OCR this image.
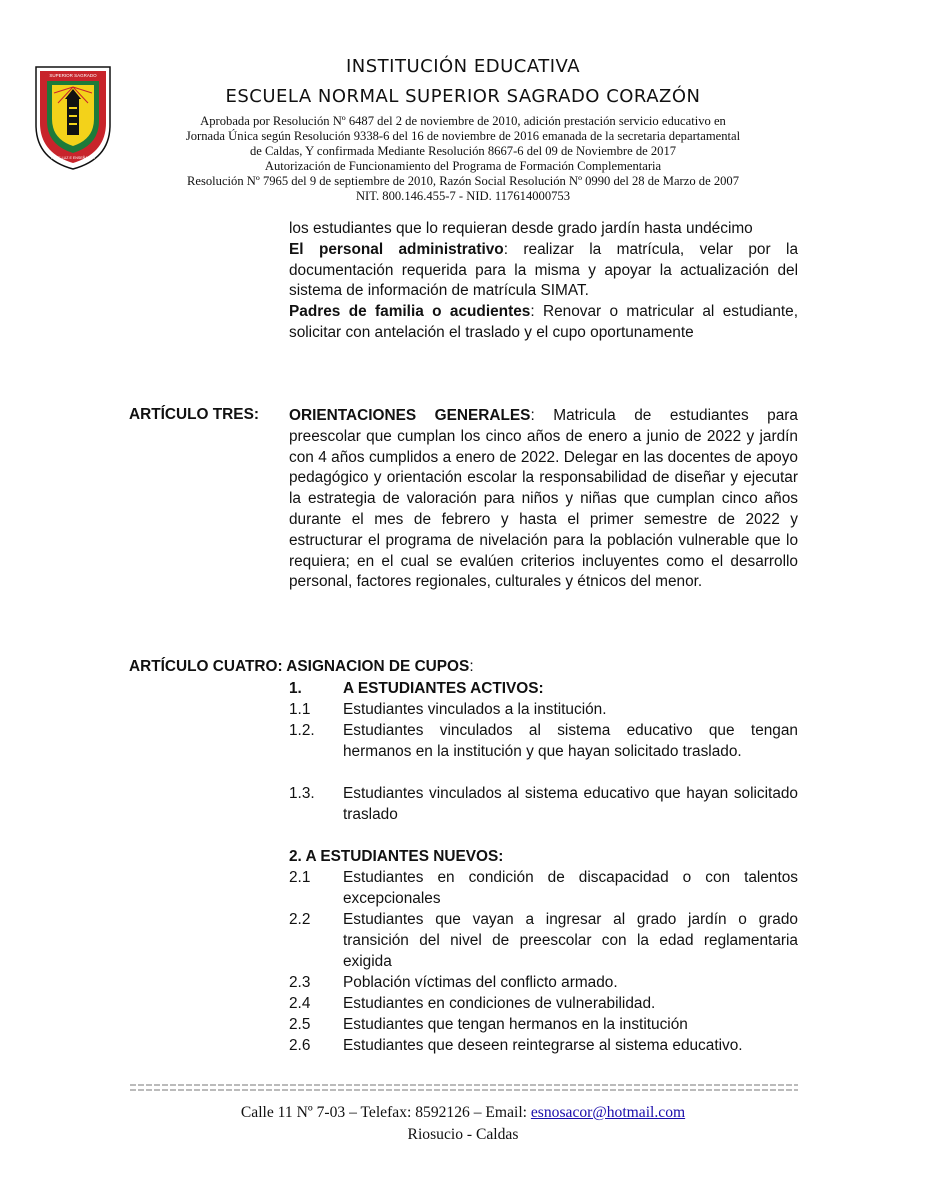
SUPERIOR SAGRADO
ARTE LUZ E ENSEÑANZA
INSTITUCIÓN EDUCATIVA
ESCUELA NORMAL SUPERIOR SAGRADO CORAZÓN
Aprobada por Resolución Nº 6487 del 2 de noviembre de 2010, adición prestación servicio educativo en
Jornada Única según Resolución 9338-6 del 16 de noviembre de 2016 emanada de la secretaria departamental
de Caldas, Y confirmada Mediante Resolución 8667-6 del 09 de Noviembre de 2017
Autorización de Funcionamiento del Programa de Formación Complementaria
Resolución Nº 7965 del 9 de septiembre de 2010, Razón Social Resolución Nº 0990 del 28 de Marzo de 2007
NIT. 800.146.455-7 - NID. 117614000753

los estudiantes que lo requieran desde grado jardín hasta undécimo

El personal administrativo: realizar la matrícula, velar por la documentación requerida para la misma y apoyar la actualización del sistema de información de matrícula SIMAT.

Padres de familia o acudientes: Renovar o matricular al estudiante, solicitar con antelación el traslado y el cupo oportunamente

ARTÍCULO TRES: ORIENTACIONES GENERALES: Matricula de estudiantes para preescolar que cumplan los cinco años de enero a junio de 2022 y jardín con 4 años cumplidos a enero de 2022. Delegar en las docentes de apoyo pedagógico y orientación escolar la responsabilidad de diseñar y ejecutar la estrategia de valoración para niños y niñas que cumplan cinco años durante el mes de febrero y hasta el primer semestre de 2022 y estructurar el programa de nivelación para la población vulnerable que lo requiera; en el cual se evalúen criterios incluyentes como el desarrollo personal, factores regionales, culturales y étnicos del menor.

ARTÍCULO CUATRO: ASIGNACION DE CUPOS:
1.	A ESTUDIANTES ACTIVOS:
1.1 Estudiantes vinculados a la institución.
1.2. Estudiantes vinculados al sistema educativo que tengan hermanos en la institución y que hayan solicitado traslado.
1.3. Estudiantes vinculados al sistema educativo que hayan solicitado traslado
2. A ESTUDIANTES NUEVOS:
2.1 Estudiantes en condición de discapacidad o con talentos excepcionales
2.2 Estudiantes que vayan a ingresar al grado jardín o grado transición del nivel de preescolar con la edad reglamentaria exigida
2.3 Población víctimas del conflicto armado.
2.4 Estudiantes en condiciones de vulnerabilidad.
2.5 Estudiantes que tengan hermanos en la institución
2.6 Estudiantes que deseen reintegrarse al sistema educativo.
Calle 11 Nº 7-03 – Telefax: 8592126 – Email: esnosacor@hotmail.com
Riosucio - Caldas
